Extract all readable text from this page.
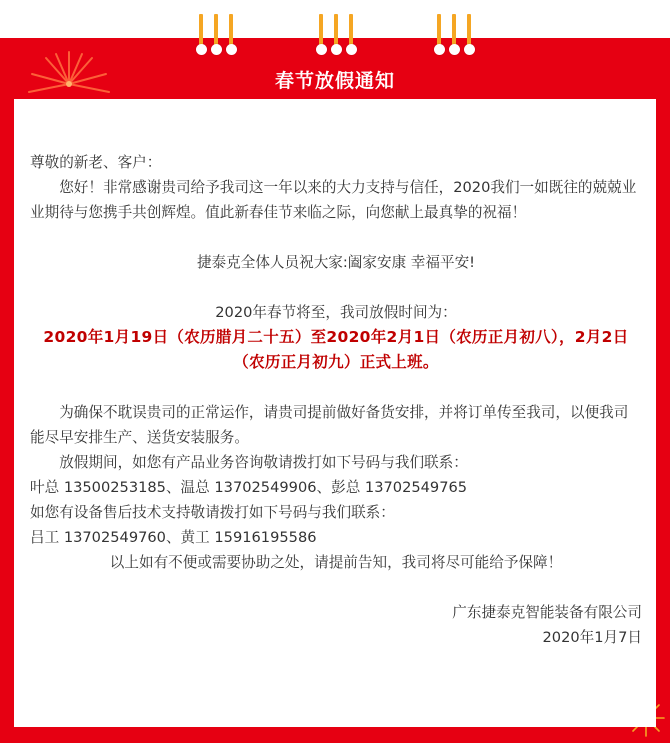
春节放假通知

尊敬的新老、客户：

您好！非常感谢贵司给予我司这一年以来的大力支持与信任，2020我们一如既往的兢兢业业期待与您携手共创辉煌。值此新春佳节来临之际，向您献上最真挚的祝福！

捷泰克全体人员祝大家:阖家安康 幸福平安!

2020年春节将至，我司放假时间为：

2020年1月19日（农历腊月二十五）至2020年2月1日（农历正月初八），2月2日（农历正月初九）正式上班。

为确保不耽误贵司的正常运作，请贵司提前做好备货安排，并将订单传至我司，以便我司能尽早安排生产、送货安装服务。

放假期间，如您有产品业务咨询敬请拨打如下号码与我们联系：

叶总 13500253185、温总 13702549906、彭总 13702549765

如您有设备售后技术支持敬请拨打如下号码与我们联系：

吕工 13702549760、黄工 15916195586

以上如有不便或需要协助之处，请提前告知，我司将尽可能给予保障！

广东捷泰克智能装备有限公司

2020年1月7日
